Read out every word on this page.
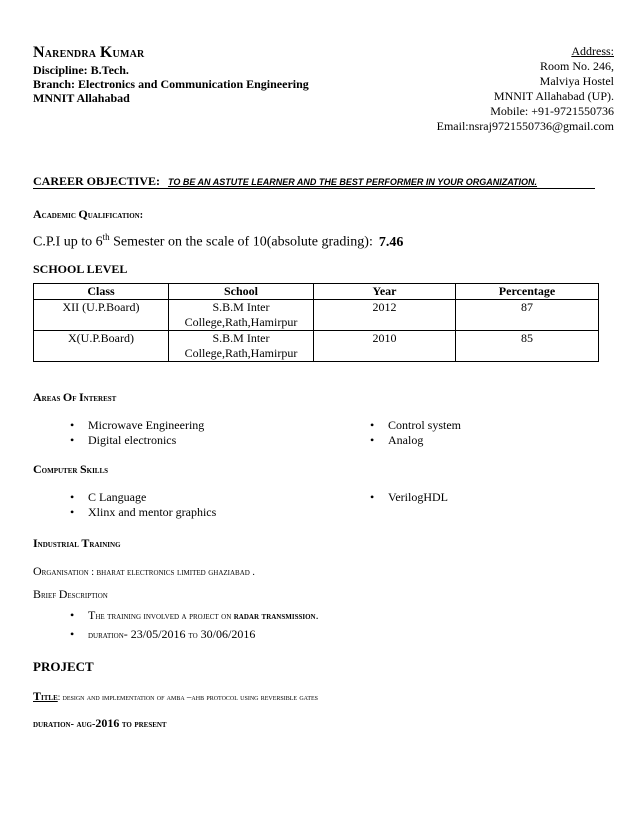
Narendra Kumar
Discipline: B.Tech.
Branch: Electronics and Communication Engineering
MNNIT Allahabad
Address:
Room No. 246,
Malviya Hostel
MNNIT Allahabad (UP).
Mobile: +91-9721550736
Email:nsraj9721550736@gmail.com
CAREER OBJECTIVE: TO BE AN ASTUTE LEARNER AND THE BEST PERFORMER IN YOUR ORGANIZATION.
Academic Qualification:
C.P.I up to 6th Semester on the scale of 10(absolute grading): 7.46
SCHOOL LEVEL
Class	School	Year	Percentage
XII (U.P.Board)	S.B.M Inter College,Rath,Hamirpur	2012	87
X(U.P.Board)	S.B.M Inter College,Rath,Hamirpur	2010	85
Areas Of Interest
• Microwave Engineering
• Digital electronics
• Control system
• Analog
Computer Skills
• C Language
• Xlinx and mentor graphics
• VerilogHDL
Industrial Training
Organisation : bharat electronics limited ghaziabad .
Brief Description
• The training involved a project on radar transmission.
• duration- 23/05/2016 to 30/06/2016
PROJECT
Title: design and implementation of amba –ahb protocol using reversible gates
duration- aug-2016 to present
